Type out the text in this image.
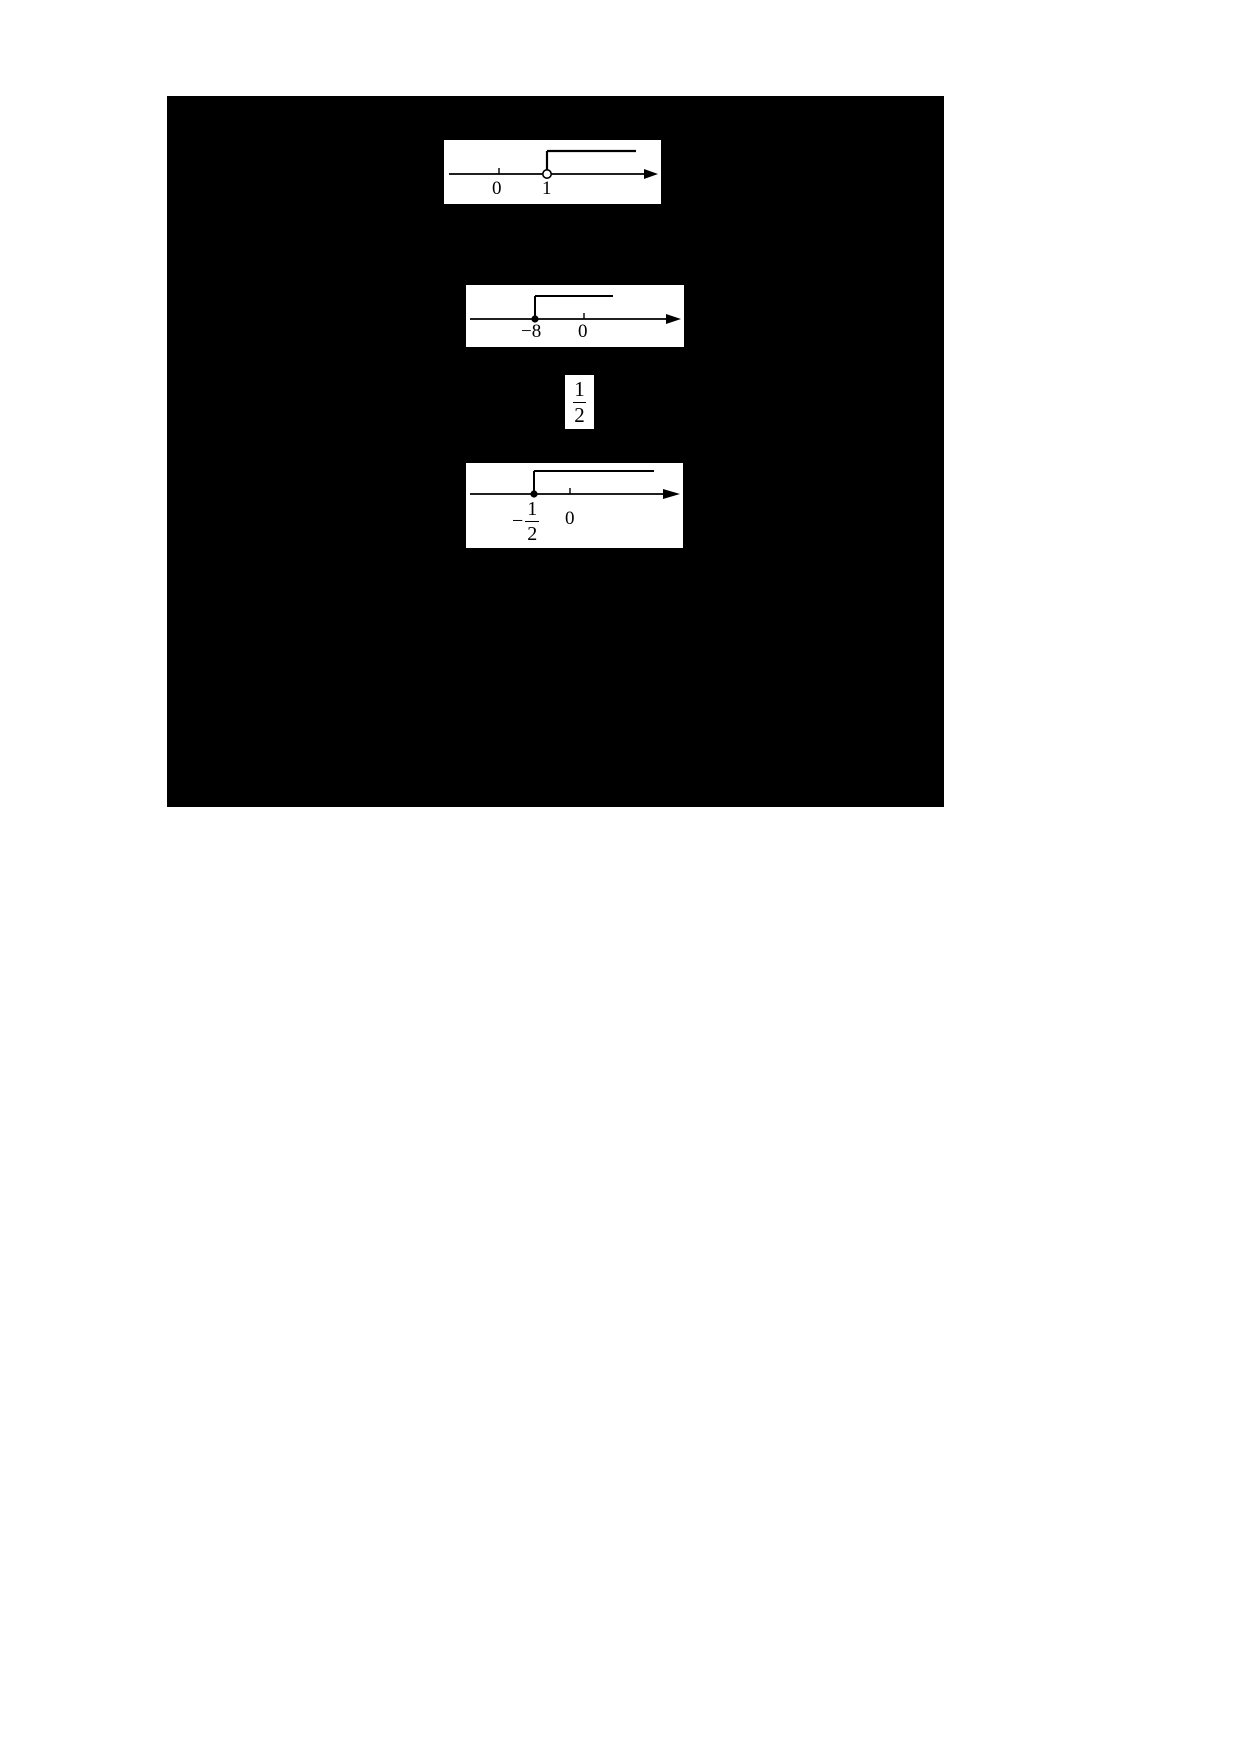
0 1
−8 0
$\frac{1}{2}$
− $\frac{1}{2} 0$
